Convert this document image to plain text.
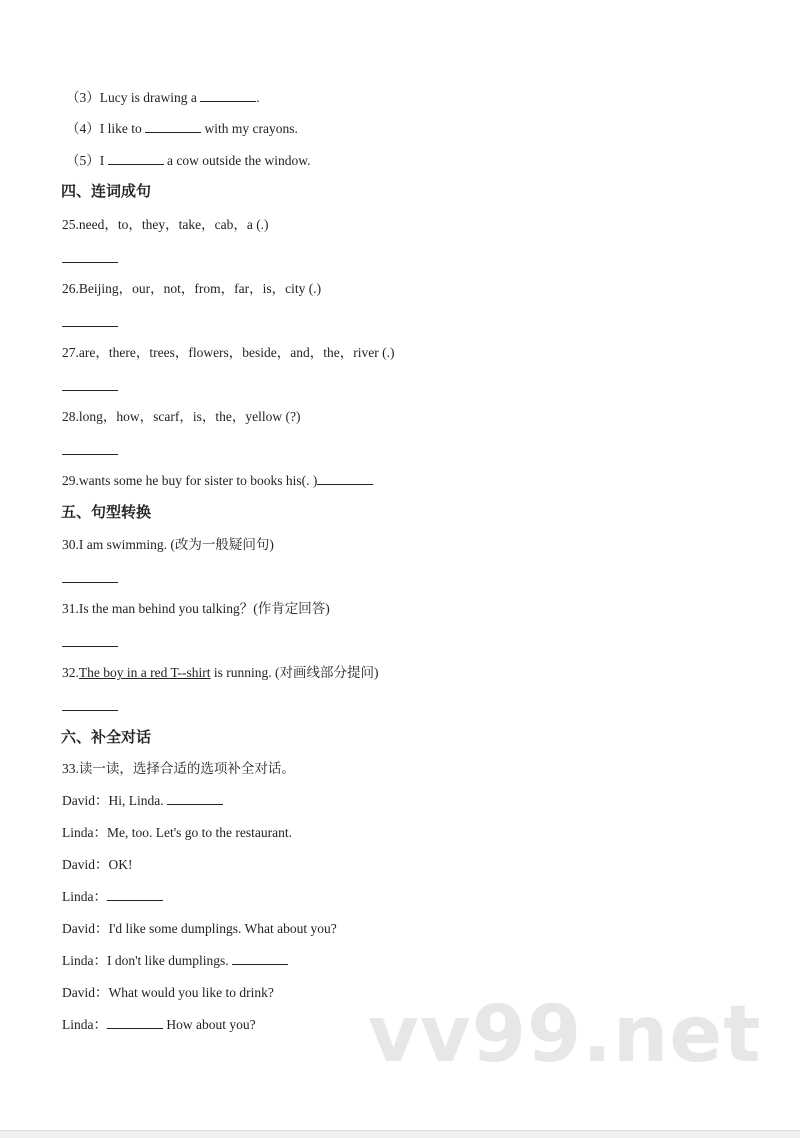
（3）Lucy is drawing a	.
（4）I like to	with my crayons.
（5）I	a cow outside the window.
四、连词成句
25.need，to，they，take，cab，a (.)
26.Beijing，our，not，from，far，is，city (.)
27.are，there，trees，flowers，beside，and，the，river (.)
28.long，how，scarf，is，the，yellow (?)
29.wants some he buy for sister to books his(. )
五、句型转换
30.I am swimming. (改为一般疑问句)
31.Is the man behind you talking？(作肯定回答)
32.The boy in a red T--shirt is running. (对画线部分提问)
六、补全对话
33.读一读，选择合适的选项补全对话。
David：Hi, Linda.
Linda：Me, too. Let's go to the restaurant.
David：OK!
Linda：
David：I'd like some dumplings. What about you?
Linda：I don't like dumplings.
David：What would you like to drink?
Linda：	How about you? vv99.net
